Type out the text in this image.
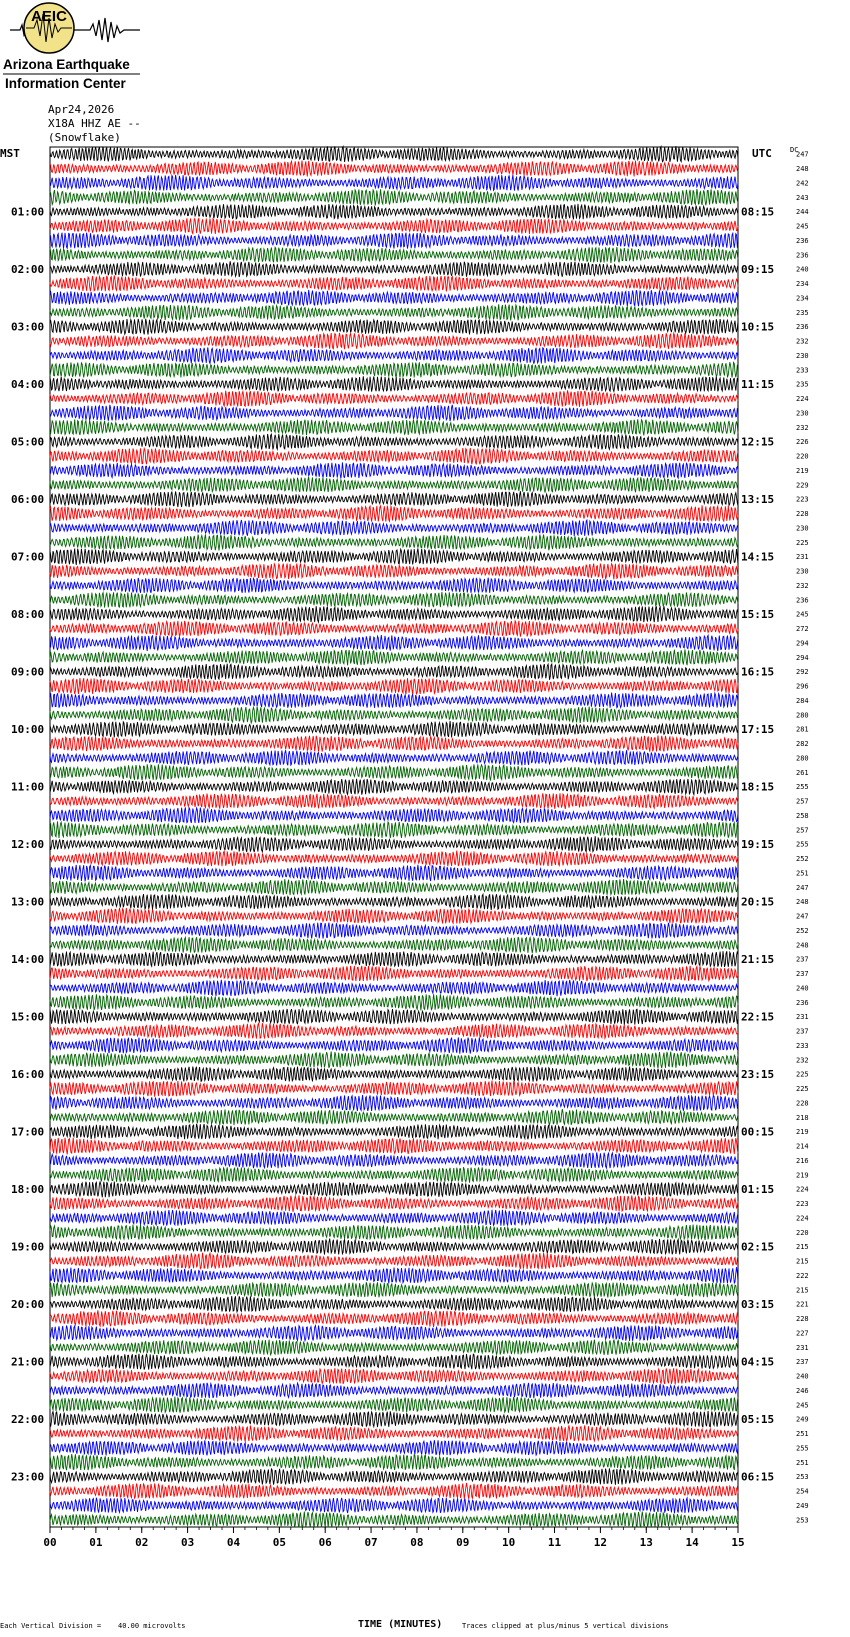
AEIC
Arizona Earthquake
Information Center
Apr24,2026
X18A HHZ AE --
(Snowflake)
MST	UTC	DC
247
248
242
243
244
245
236
236
240
234
234
235
236
232
230
233
235
224
230
232
226
220
219
229
223
228
230
225
231
230
232
236
245
272
294
294
292
296
284
280
281
282
280
261
255
257
258
257
255
252
251
247
248
247
252
248
237
237
240
236
231
237
233
232
225
225
228
218
219
214
216
219
224
223
224
220
215
215
222
215
221
228
227
231
237
240
246
245
249
251
255
251
253
254
249
253
01:00	08:15
02:00	09:15
03:00	10:15
04:00	11:15
05:00	12:15
06:00	13:15
07:00	14:15
08:00	15:15
09:00	16:15
10:00	17:15
11:00	18:15
12:00	19:15
13:00	20:15
14:00	21:15
15:00	22:15
16:00	23:15
17:00	00:15
18:00	01:15
19:00	02:15
20:00	03:15
21:00	04:15
22:00	05:15
23:00	06:15
00	01	02	03	04	05	06	07	08	09	10	11	12	13	14	15
Each Vertical Division =    40.00 microvolts	TIME (MINUTES)	Traces clipped at plus/minus 5 vertical divisions
